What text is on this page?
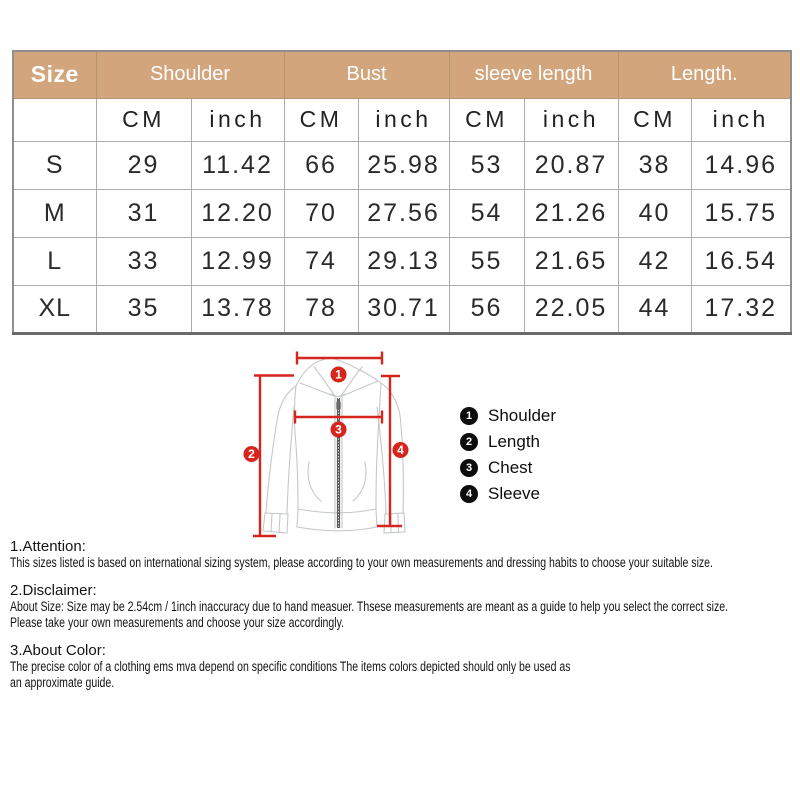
Size	Shoulder		Bust		sleeve length		Length.	
	CM	inch	CM	inch	CM	inch	CM	inch
S	29	11.42	66	25.98	53	20.87	38	14.96
M	31	12.20	70	27.56	54	21.26	40	15.75
L	33	12.99	74	29.13	55	21.65	42	16.54
XL	35	13.78	78	30.71	56	22.05	44	17.32
1
2
3
4
1 Shoulder
2 Length
3 Chest
4 Sleeve
1.Attention:
This sizes listed is based on international sizing system, please according to your own measurements and dressing habits to choose your suitable size.
2.Disclaimer:
About Size: Size may be 2.54cm / 1inch inaccuracy due to hand measuer. Thsese measurements are meant as a guide to help you select the correct size.
Please take your own measurements and choose your size accordingly.
3.About Color:
The precise color of a clothing ems mva depend on specific conditions The items colors depicted should only be used as
an approximate guide.
